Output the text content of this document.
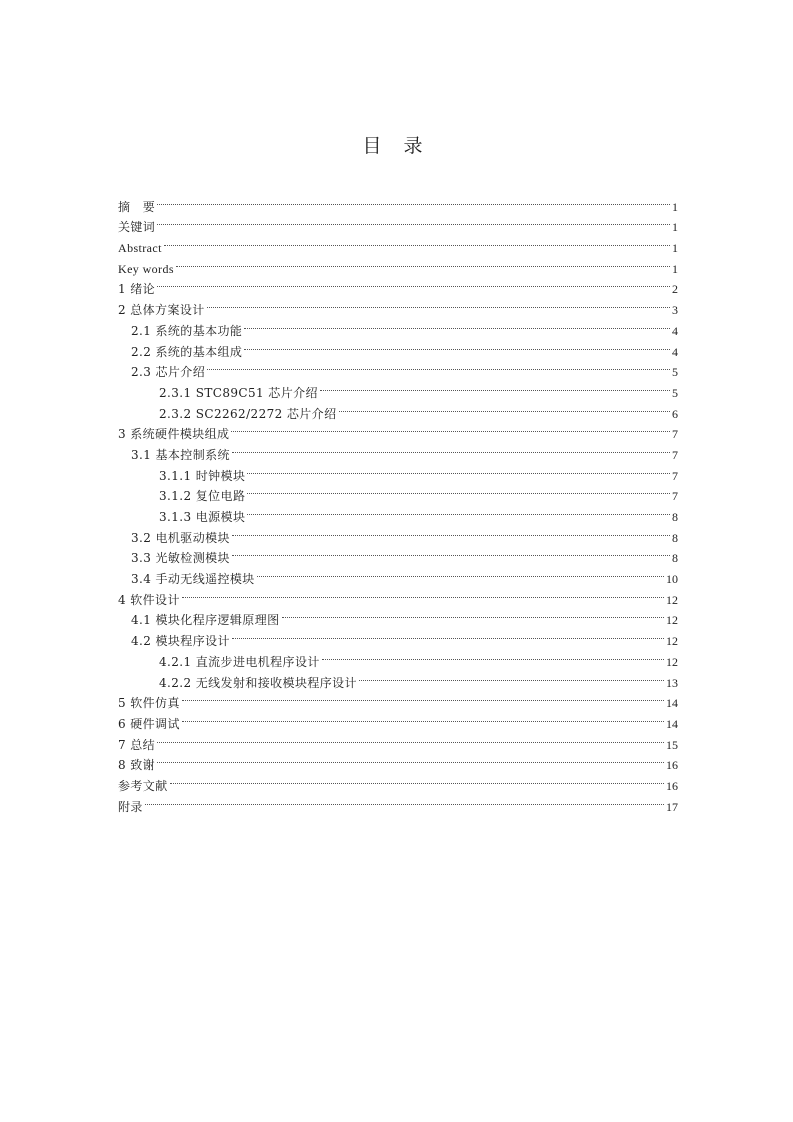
目 录
摘　要	1
关键词	1
Abstract	1
Key words	1
1 绪论	2
2 总体方案设计	3
2.1 系统的基本功能	4
2.2 系统的基本组成	4
2.3 芯片介绍	5
2.3.1 STC89C51 芯片介绍	5
2.3.2 SC2262/2272 芯片介绍	6
3 系统硬件模块组成	7
3.1 基本控制系统	7
3.1.1 时钟模块	7
3.1.2 复位电路	7
3.1.3 电源模块	8
3.2 电机驱动模块	8
3.3 光敏检测模块	8
3.4 手动无线遥控模块	10
4 软件设计	12
4.1 模块化程序逻辑原理图	12
4.2 模块程序设计	12
4.2.1 直流步进电机程序设计	12
4.2.2 无线发射和接收模块程序设计	13
5 软件仿真	14
6 硬件调试	14
7 总结	15
8 致谢	16
参考文献	16
附录	17
